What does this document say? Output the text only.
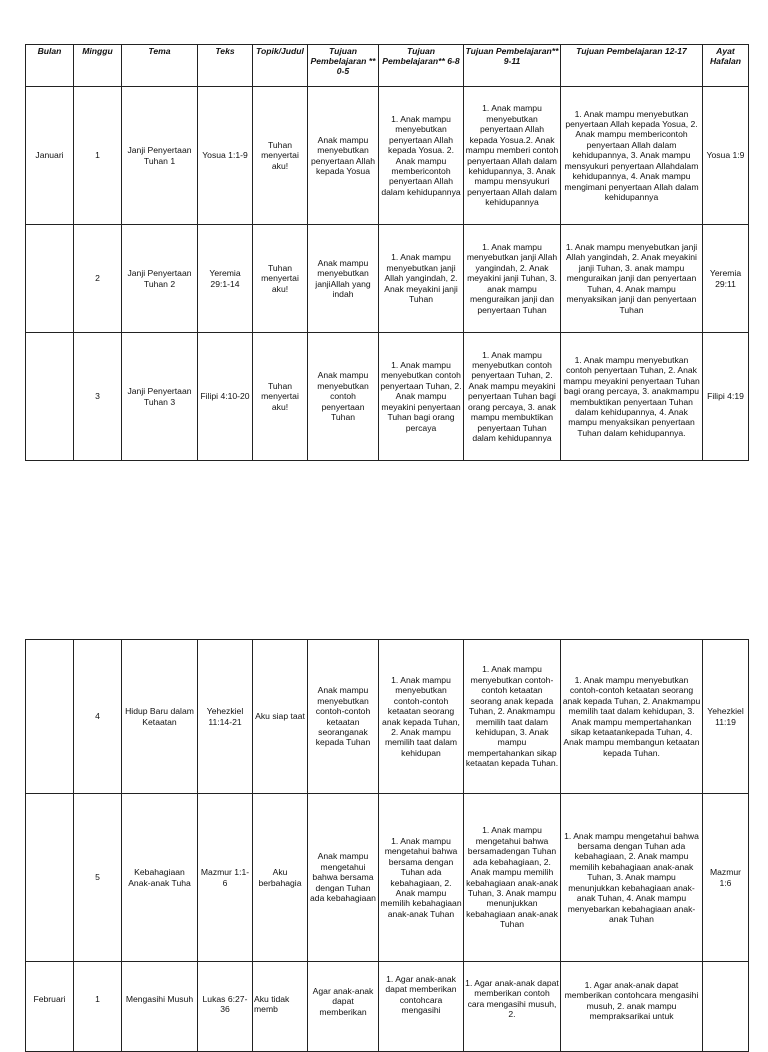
Bulan	Minggu	Tema	Teks	Topik/Judul	Tujuan Pembelajaran ** 0-5	Tujuan Pembelajaran** 6-8	Tujuan Pembelajaran** 9-11	Tujuan Pembelajaran 12-17	Ayat Hafalan
Januari	1	Janji Penyertaan Tuhan 1	Yosua 1:1-9	Tuhan menyertai aku!	Anak mampu menyebutkan penyertaan Allah kepada Yosua	1. Anak mampu menyebutkan penyertaan Allah kepada Yosua. 2. Anak mampu membericontoh penyertaan Allah dalam kehidupannya	1. Anak mampu menyebutkan penyertaan Allah kepada Yosua.2. Anak mampu memberi contoh penyertaan Allah dalam kehidupannya, 3. Anak mampu mensyukuri penyertaan Allah dalam kehidupannya	1. Anak mampu menyebutkan penyertaan Allah kepada Yosua, 2. Anak mampu membericontoh penyertaan Allah dalam kehidupannya, 3. Anak mampu mensyukuri penyertaan Allahdalam kehidupannya, 4. Anak mampu mengimani penyertaan Allah dalam kehidupannya	Yosua 1:9
	2	Janji Penyertaan Tuhan 2	Yeremia 29:1-14	Tuhan menyertai aku!	Anak mampu menyebutkan janjiAllah yang indah	1. Anak mampu menyebutkan janji Allah yangindah, 2. Anak meyakini janji Tuhan	1. Anak mampu menyebutkan janji Allah yangindah, 2. Anak meyakini janji Tuhan, 3. anak mampu menguraikan janji dan penyertaan Tuhan	1. Anak mampu menyebutkan janji Allah yangindah, 2. Anak meyakini janji Tuhan, 3. anak mampu menguraikan janji dan penyertaan Tuhan, 4. Anak mampu menyaksikan janji dan penyertaan Tuhan	Yeremia 29:11
	3	Janji Penyertaan Tuhan 3	Filipi 4:10-20	Tuhan menyertai aku!	Anak mampu menyebutkan contoh penyertaan Tuhan	1. Anak mampu menyebutkan contoh penyertaan Tuhan, 2. Anak mampu meyakini penyertaan Tuhan bagi orang percaya	1. Anak mampu menyebutkan contoh penyertaan Tuhan, 2. Anak mampu meyakini penyertaan Tuhan bagi orang percaya, 3. anak mampu membuktikan penyertaan Tuhan dalam kehidupannya	1. Anak mampu menyebutkan contoh penyertaan Tuhan, 2. Anak mampu meyakini penyertaan Tuhan bagi orang percaya, 3. anakmampu membuktikan penyertaan Tuhan dalam kehidupannya, 4. Anak mampu menyaksikan penyertaan Tuhan dalam kehidupannya.	Filipi 4:19
	4	Hidup Baru dalam Ketaatan	Yehezkiel 11:14-21	Aku siap taat	Anak mampu menyebutkan contoh-contoh ketaatan seoranganak kepada Tuhan	1. Anak mampu menyebutkan contoh-contoh ketaatan seorang anak kepada Tuhan, 2. Anak mampu memilih taat dalam kehidupan	1. Anak mampu menyebutkan contoh-contoh ketaatan seorang anak kepada Tuhan, 2. Anakmampu memilih taat dalam kehidupan, 3. Anak mampu mempertahankan sikap ketaatan kepada Tuhan.	1. Anak mampu menyebutkan contoh-contoh ketaatan seorang anak kepada Tuhan, 2. Anakmampu memilih taat dalam kehidupan, 3. Anak mampu mempertahankan sikap ketaatankepada Tuhan, 4. Anak mampu membangun ketaatan kepada Tuhan.	Yehezkiel 11:19
	5	Kebahagiaan Anak-anak Tuha	Mazmur 1:1-6	Aku berbahagia	Anak mampu mengetahui bahwa bersama dengan Tuhan ada kebahagiaan	1. Anak mampu mengetahui bahwa bersama dengan Tuhan ada kebahagiaan, 2. Anak mampu memilih kebahagiaan anak-anak Tuhan	1. Anak mampu mengetahui bahwa bersamadengan Tuhan ada kebahagiaan, 2. Anak mampu memilih kebahagiaan anak-anak Tuhan, 3. Anak mampu menunjukkan kebahagiaan anak-anak Tuhan	1. Anak mampu mengetahui bahwa bersama dengan Tuhan ada kebahagiaan, 2. Anak mampu memilih kebahagiaan anak-anak Tuhan, 3. Anak mampu menunjukkan kebahagiaan anak-anak Tuhan, 4. Anak mampu menyebarkan kebahagiaan anak-anak Tuhan	Mazmur 1:6
Februari	1	Mengasihi Musuh	Lukas 6:27-36	Aku tidak memb	Agar anak-anak dapat memberikan	1. Agar anak-anak dapat memberikan contohcara mengasihi	1. Agar anak-anak dapat memberikan contoh cara mengasihi musuh, 2.	1. Agar anak-anak dapat memberikan contohcara mengasihi musuh, 2. anak mampu mempraksarikai untuk	
